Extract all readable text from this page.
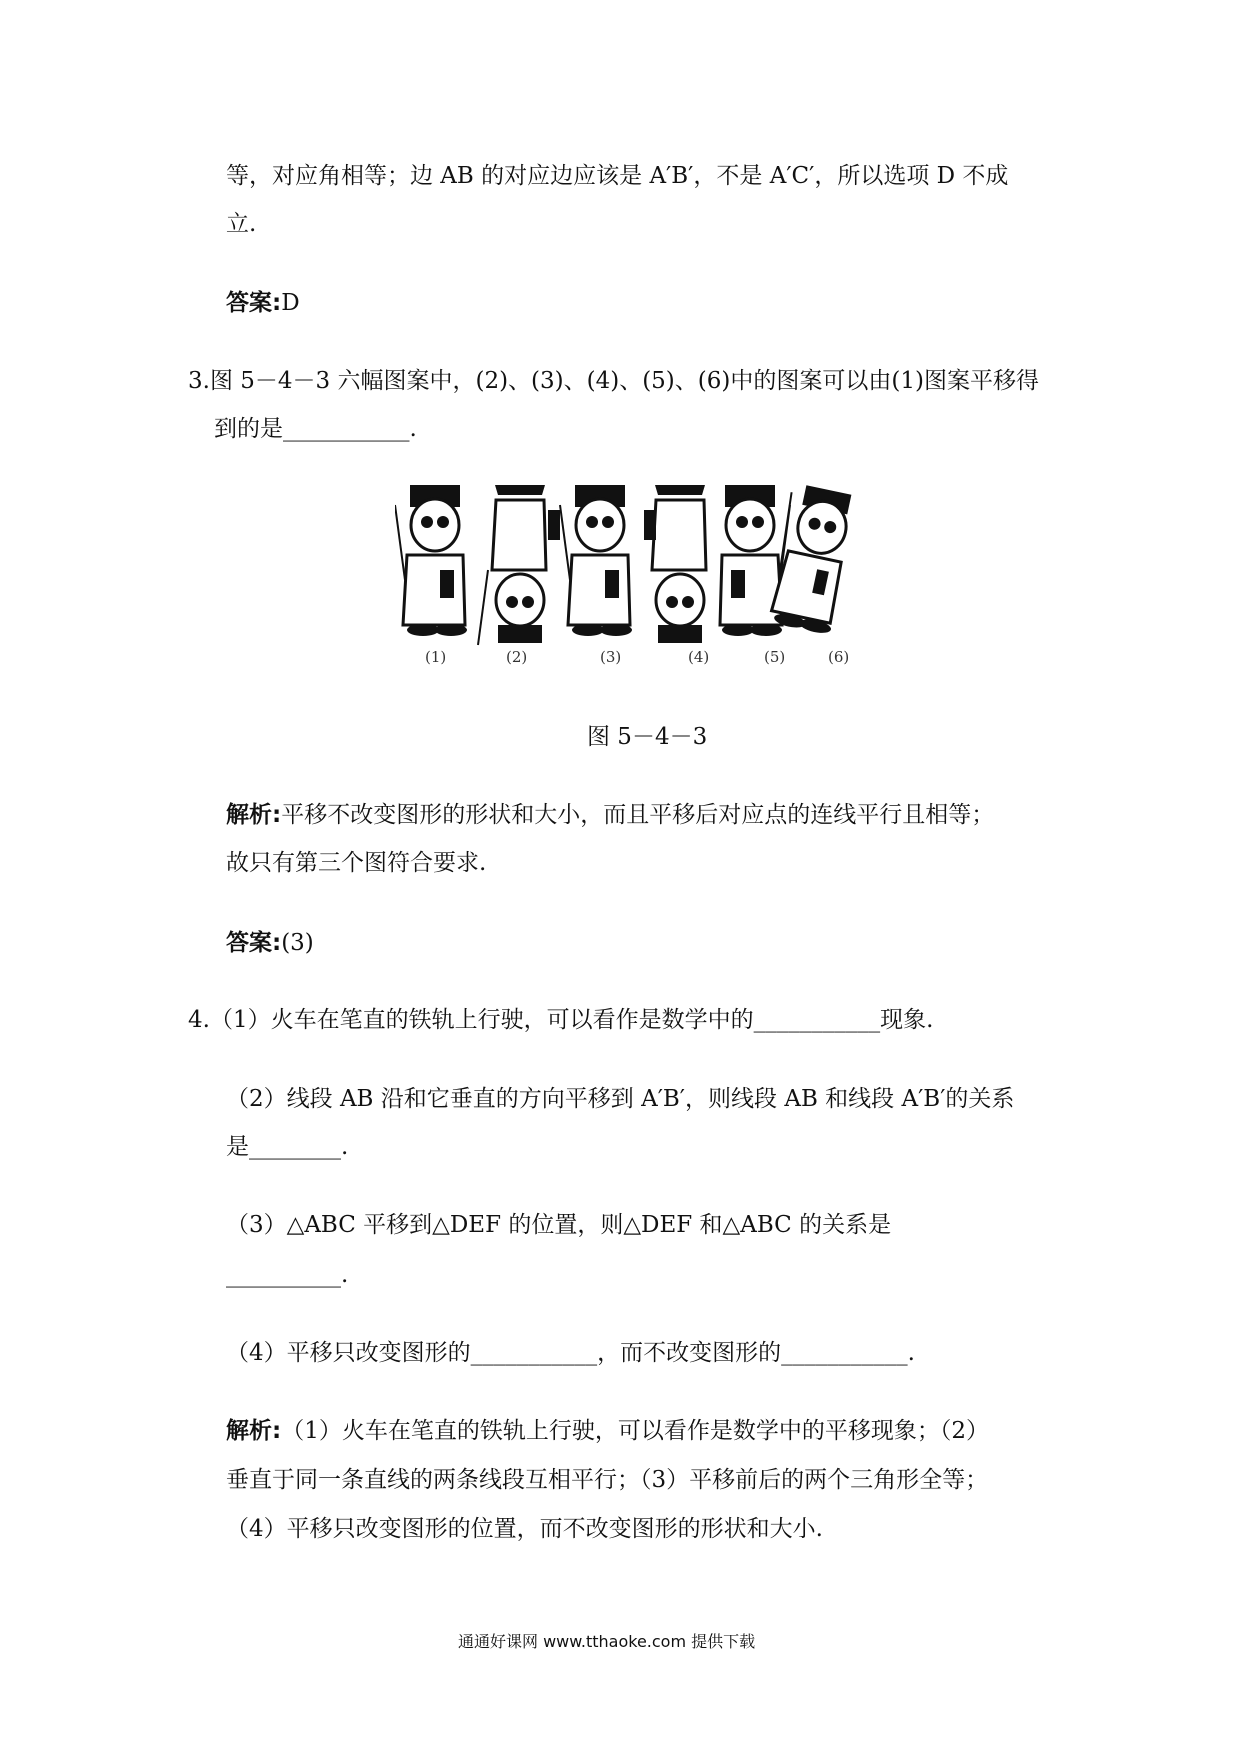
等，对应角相等；边 AB 的对应边应该是 A′B′，不是 A′C′，所以选项 D 不成
立.
答案:D
3.图 5－4－3 六幅图案中，(2)、(3)、(4)、(5)、(6)中的图案可以由(1)图案平移得
到的是___________.
(1)	(2)	(3)	(4)	(5)	(6)
图 5－4－3
解析:平移不改变图形的形状和大小，而且平移后对应点的连线平行且相等；
故只有第三个图符合要求.
答案:(3)
4.（1）火车在笔直的铁轨上行驶，可以看作是数学中的___________现象.
（2）线段 AB 沿和它垂直的方向平移到 A′B′，则线段 AB 和线段 A′B′的关系
是________.
（3）△ABC 平移到△DEF 的位置，则△DEF 和△ABC 的关系是
__________.
（4）平移只改变图形的___________，而不改变图形的___________.
解析:（1）火车在笔直的铁轨上行驶，可以看作是数学中的平移现象；（2）
垂直于同一条直线的两条线段互相平行；（3）平移前后的两个三角形全等；
（4）平移只改变图形的位置，而不改变图形的形状和大小.
通通好课网 www.tthaoke.com 提供下载
